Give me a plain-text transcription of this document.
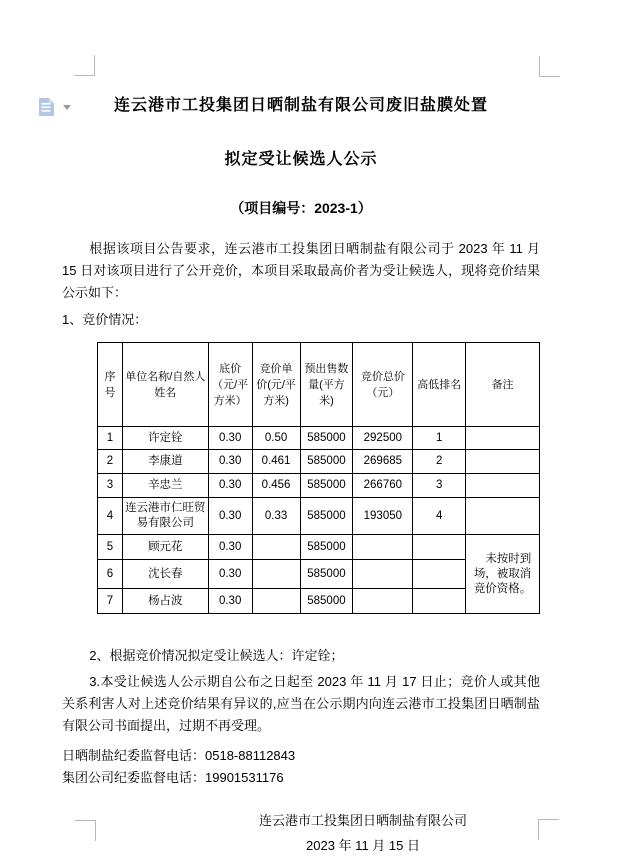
连云港市工投集团日晒制盐有限公司废旧盐膜处置
拟定受让候选人公示
（项目编号：2023-1）

根据该项目公告要求，连云港市工投集团日晒制盐有限公司于 2023 年 11 月 15 日对该项目进行了公开竞价，本项目采取最高价者为受让候选人，现将竞价结果公示如下：

1、竞价情况：
序号	单位名称/自然人姓名	底价（元/平方米）	竞价单价(元/平方米)	预出售数量(平方米)	竞价总价（元）	高低排名	备注
1	许定铨	0.30	0.50	585000	292500	1	
2	李康道	0.30	0.461	585000	269685	2	
3	辛忠兰	0.30	0.456	585000	266760	3	
4	连云港市仁旺贸易有限公司	0.30	0.33	585000	193050	4	
5	顾元花	0.30		585000			未按时到场，被取消竞价资格。
6	沈长春	0.30		585000			
7	杨占波	0.30		585000			

2、根据竞价情况拟定受让候选人：许定铨；

3.本受让候选人公示期自公布之日起至 2023 年 11 月 17 日止；竞价人或其他关系利害人对上述竞价结果有异议的,应当在公示期内向连云港市工投集团日晒制盐有限公司书面提出，过期不再受理。

日晒制盐纪委监督电话：0518-88112843
集团公司纪委监督电话：19901531176
连云港市工投集团日晒制盐有限公司
2023 年 11 月 15 日
